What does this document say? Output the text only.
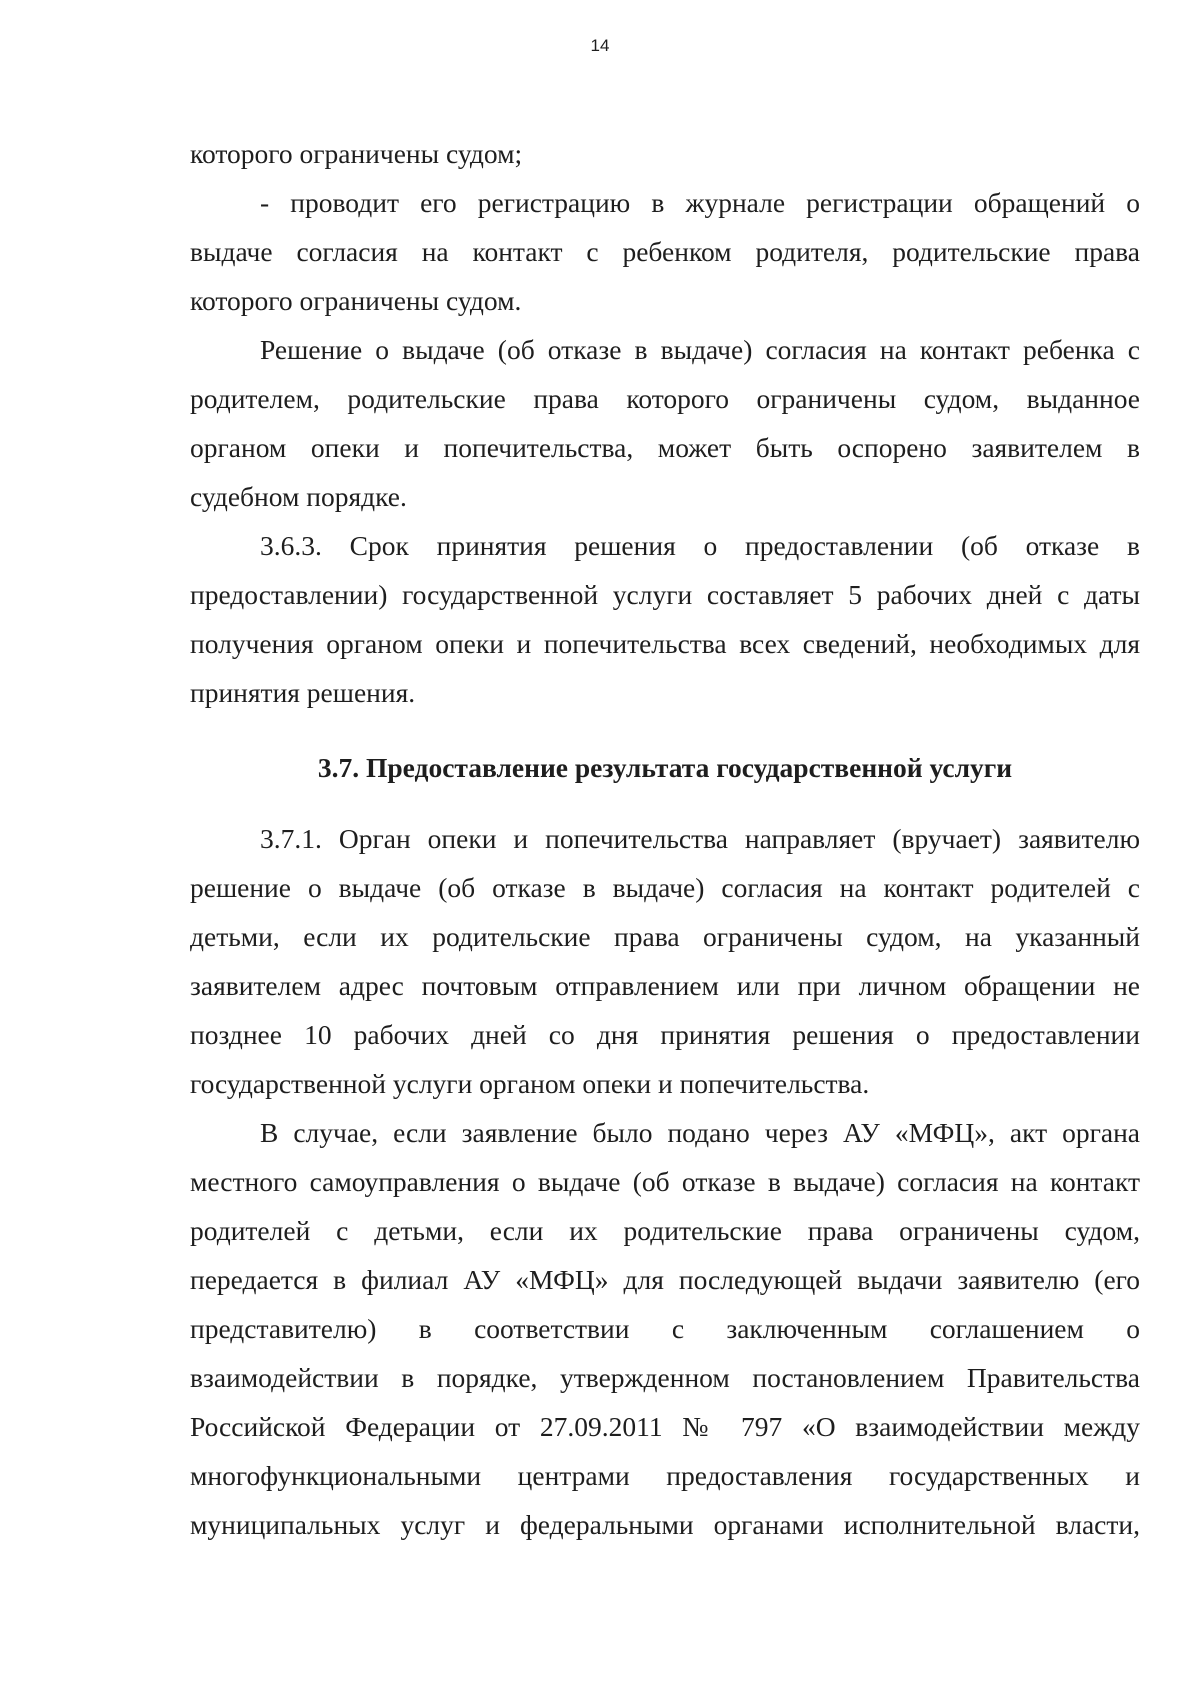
14

которого ограничены судом;

- проводит его регистрацию в журнале регистрации обращений о
выдаче согласия на контакт с ребенком родителя, родительские права
которого ограничены судом.

Решение о выдаче (об отказе в выдаче) согласия на контакт ребенка с
родителем, родительские права которого ограничены судом, выданное
органом опеки и попечительства, может быть оспорено заявителем в
судебном порядке.

3.6.3. Срок принятия решения о предоставлении (об отказе в
предоставлении) государственной услуги составляет 5 рабочих дней с даты
получения органом опеки и попечительства всех сведений, необходимых для
принятия решения.

3.7. Предоставление результата государственной услуги

3.7.1. Орган опеки и попечительства направляет (вручает) заявителю
решение о выдаче (об отказе в выдаче) согласия на контакт родителей с
детьми, если их родительские права ограничены судом, на указанный
заявителем адрес почтовым отправлением или при личном обращении не
позднее 10 рабочих дней со дня принятия решения о предоставлении
государственной услуги органом опеки и попечительства.

В случае, если заявление было подано через АУ «МФЦ», акт органа
местного самоуправления о выдаче (об отказе в выдаче) согласия на контакт
родителей с детьми, если их родительские права ограничены судом,
передается в филиал АУ «МФЦ» для последующей выдачи заявителю (его
представителю) в соответствии с заключенным соглашением о
взаимодействии в порядке, утвержденном постановлением Правительства
Российской Федерации от 27.09.2011 № 797 «О взаимодействии между
многофункциональными центрами предоставления государственных и
муниципальных услуг и федеральными органами исполнительной власти,
